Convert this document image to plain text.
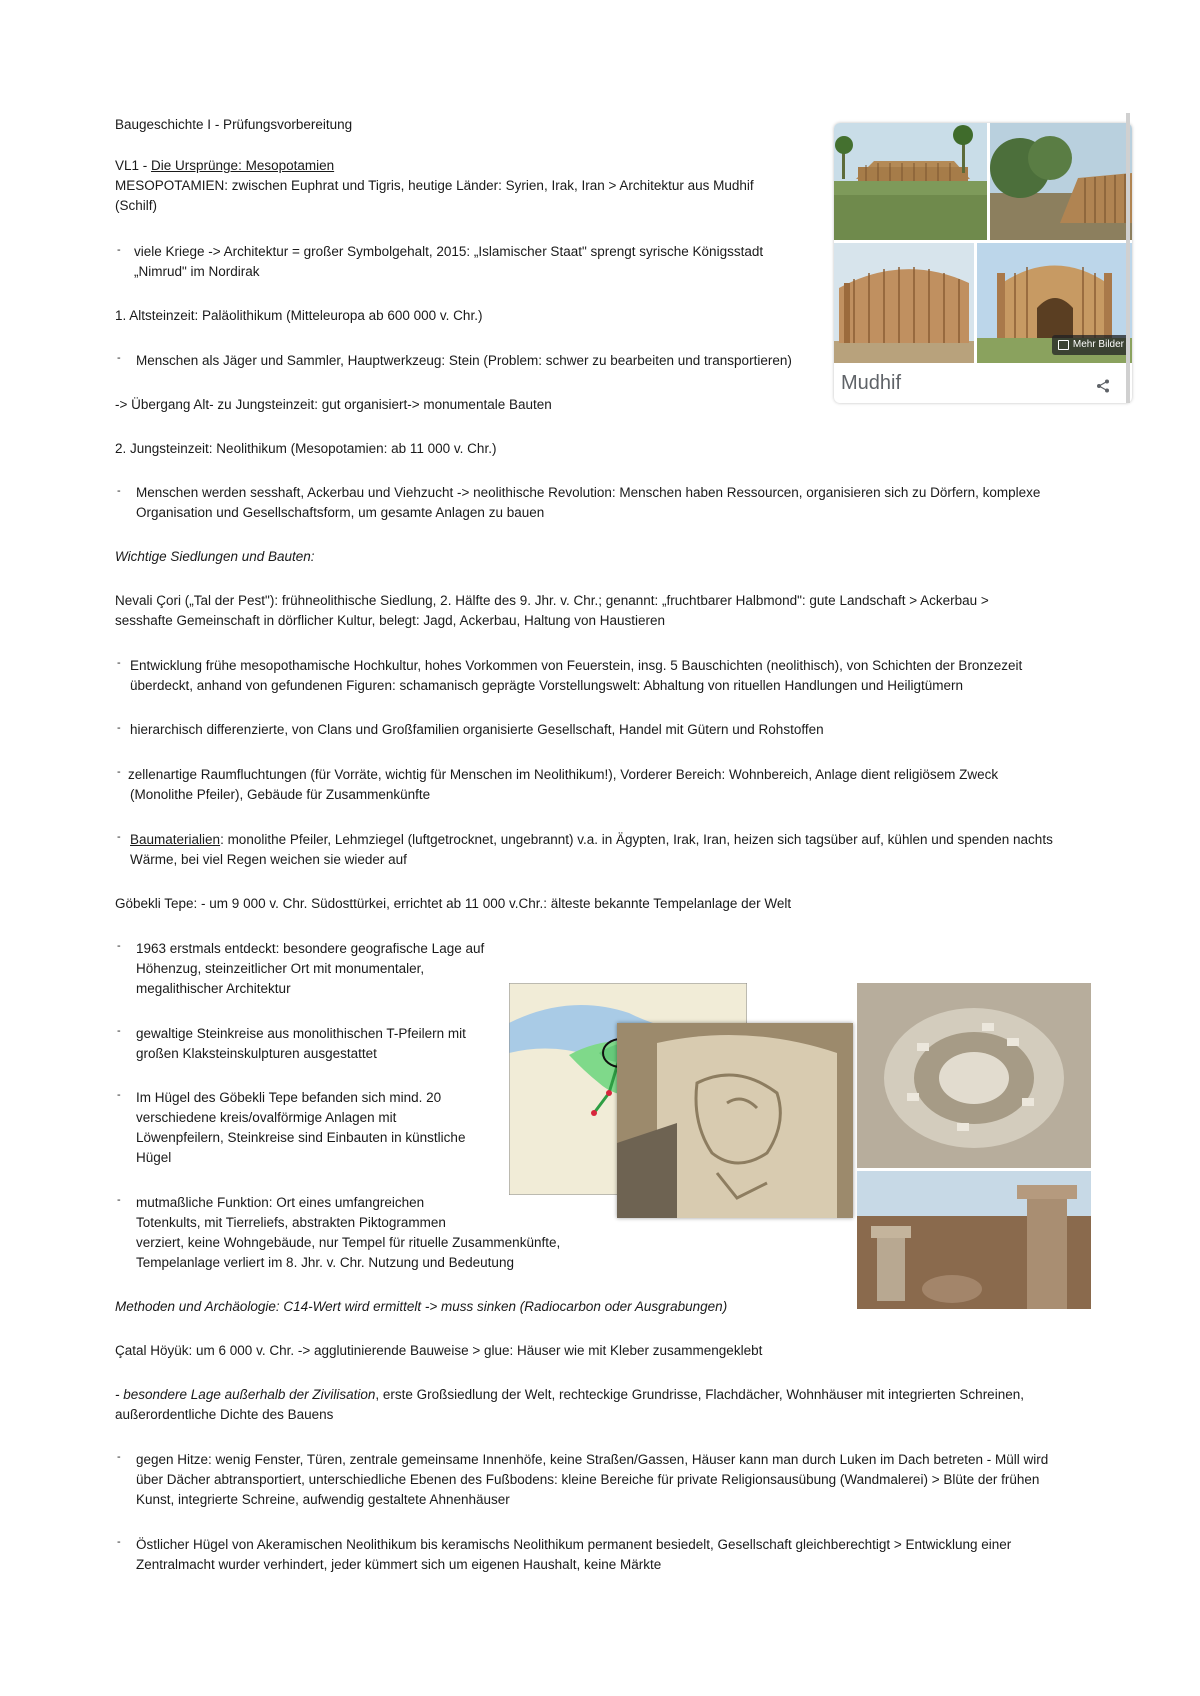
Baugeschichte I - Prüfungsvorbereitung
VL1 - Die Ursprünge: Mesopotamien
MESOPOTAMIEN: zwischen Euphrat und Tigris, heutige Länder: Syrien, Irak, Iran > Architektur aus Mudhif
(Schilf)
- viele Kriege -> Architektur = großer Symbolgehalt, 2015: „Islamischer Staat" sprengt syrische Königsstadt
„Nimrud" im Nordirak
1. Altsteinzeit: Paläolithikum (Mitteleuropa ab 600 000 v. Chr.)
- Menschen als Jäger und Sammler, Hauptwerkzeug: Stein (Problem: schwer zu bearbeiten und transportieren)
-> Übergang Alt- zu Jungsteinzeit: gut organisiert-> monumentale Bauten
2. Jungsteinzeit: Neolithikum (Mesopotamien: ab 11 000 v. Chr.)
- Menschen werden sesshaft, Ackerbau und Viehzucht -> neolithische Revolution: Menschen haben Ressourcen, organisieren sich zu Dörfern, komplexe
Organisation und Gesellschaftsform, um gesamte Anlagen zu bauen
Wichtige Siedlungen und Bauten:
Nevali Çori („Tal der Pest"): frühneolithische Siedlung, 2. Hälfte des 9. Jhr. v. Chr.; genannt: „fruchtbarer Halbmond": gute Landschaft > Ackerbau >
sesshafte Gemeinschaft in dörflicher Kultur, belegt: Jagd, Ackerbau, Haltung von Haustieren
- Entwicklung frühe mesopothamische Hochkultur, hohes Vorkommen von Feuerstein, insg. 5 Bauschichten (neolithisch), von Schichten der Bronzezeit
überdeckt, anhand von gefundenen Figuren: schamanisch geprägte Vorstellungswelt: Abhaltung von rituellen Handlungen und Heiligtümern
- hierarchisch differenzierte, von Clans und Großfamilien organisierte Gesellschaft, Handel mit Gütern und Rohstoffen
- zellenartige Raumfluchtungen (für Vorräte, wichtig für Menschen im Neolithikum!), Vorderer Bereich: Wohnbereich, Anlage dient religiösem Zweck
(Monolithe Pfeiler), Gebäude für Zusammenkünfte
- Baumaterialien: monolithe Pfeiler, Lehmziegel (luftgetrocknet, ungebrannt) v.a. in Ägypten, Irak, Iran, heizen sich tagsüber auf, kühlen und spenden nachts
Wärme, bei viel Regen weichen sie wieder auf
Göbekli Tepe: - um 9 000 v. Chr. Südosttürkei, errichtet ab 11 000 v.Chr.: älteste bekannte Tempelanlage der Welt
- 1963 erstmals entdeckt: besondere geografische Lage auf
Höhenzug, steinzeitlicher Ort mit monumentaler,
megalithischer Architektur
- gewaltige Steinkreise aus monolithischen T-Pfeilern mit
großen Klaksteinskulpturen ausgestattet
- Im Hügel des Göbekli Tepe befanden sich mind. 20
verschiedene kreis/ovalförmige Anlagen mit
Löwenpfeilern, Steinkreise sind Einbauten in künstliche
Hügel
- mutmaßliche Funktion: Ort eines umfangreichen
Totenkults, mit Tierreliefs, abstrakten Piktogrammen
verziert, keine Wohngebäude, nur Tempel für rituelle Zusammenkünfte,
Tempelanlage verliert im 8. Jhr. v. Chr. Nutzung und Bedeutung
Methoden und Archäologie: C14-Wert wird ermittelt -> muss sinken (Radiocarbon oder Ausgrabungen)
Çatal Höyük: um 6 000 v. Chr. -> agglutinierende Bauweise > glue: Häuser wie mit Kleber zusammengeklebt
- besondere Lage außerhalb der Zivilisation, erste Großsiedlung der Welt, rechteckige Grundrisse, Flachdächer, Wohnhäuser mit integrierten Schreinen,
außerordentliche Dichte des Bauens
- gegen Hitze: wenig Fenster, Türen, zentrale gemeinsame Innenhöfe, keine Straßen/Gassen, Häuser kann man durch Luken im Dach betreten - Müll wird
über Dächer abtransportiert, unterschiedliche Ebenen des Fußbodens: kleine Bereiche für private Religionsausübung (Wandmalerei) > Blüte der frühen
Kunst, integrierte Schreine, aufwendig gestaltete Ahnenhäuser
- Östlicher Hügel von Akeramischen Neolithikum bis keramischs Neolithikum permanent besiedelt, Gesellschaft gleichberechtigt > Entwicklung einer
Zentralmacht wurder verhindert, jeder kümmert sich um eigenen Haushalt, keine Märkte
Mehr Bilder
Mudhif
